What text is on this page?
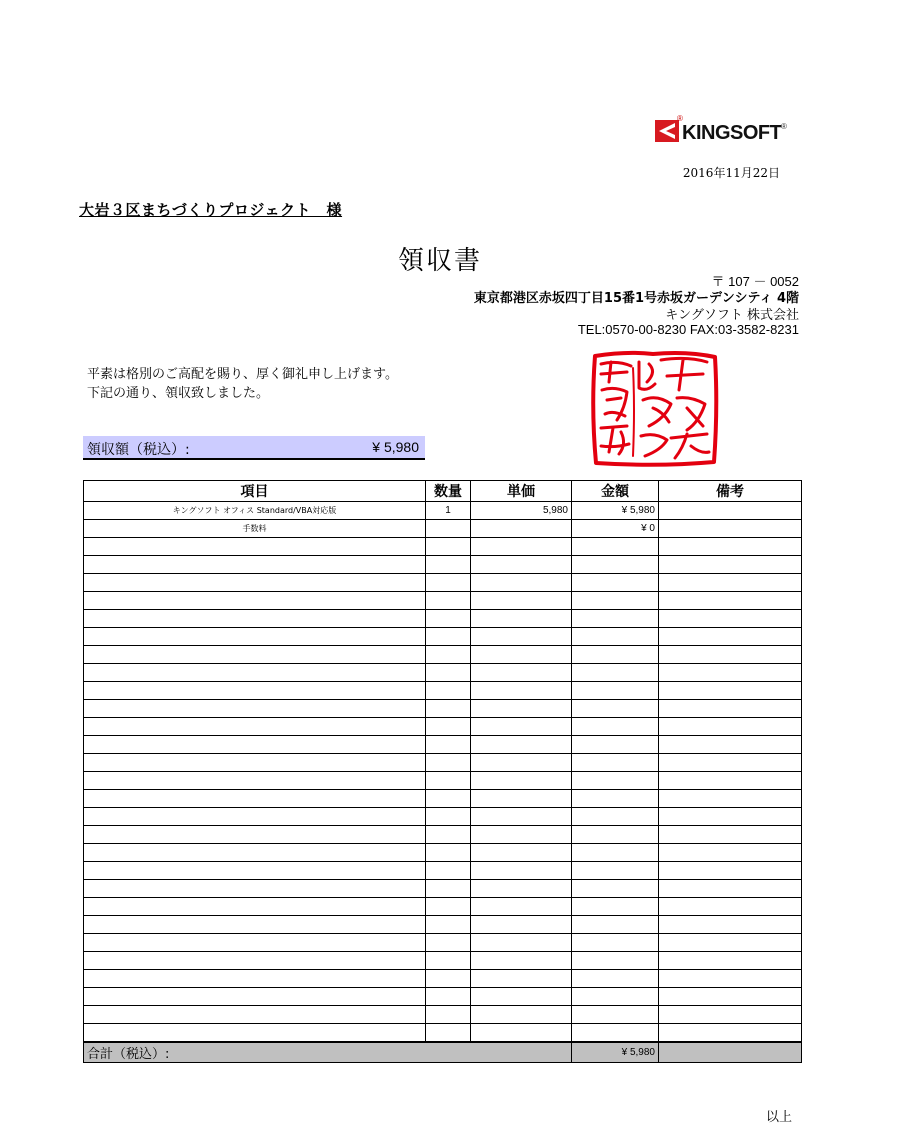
®
KINGSOFT ®
2016年11月22日
大岩３区まちづくりプロジェクト　様
領収書
〒 107 － 0052
東京都港区赤坂四丁目15番1号赤坂ガーデンシティ 4階
キングソフト 株式会社
TEL:0570-00-8230 FAX:03-3582-8231
平素は格別のご高配を賜り、厚く御礼申し上げます。
下記の通り、領収致しました。
領収額（税込）:	¥ 5,980
項目	数量	単価	金額	備考
キングソフト オフィス Standard/VBA対応版	1	5,980	¥ 5,980	
手数料			¥ 0	

合計（税込）:			¥ 5,980	
以上
